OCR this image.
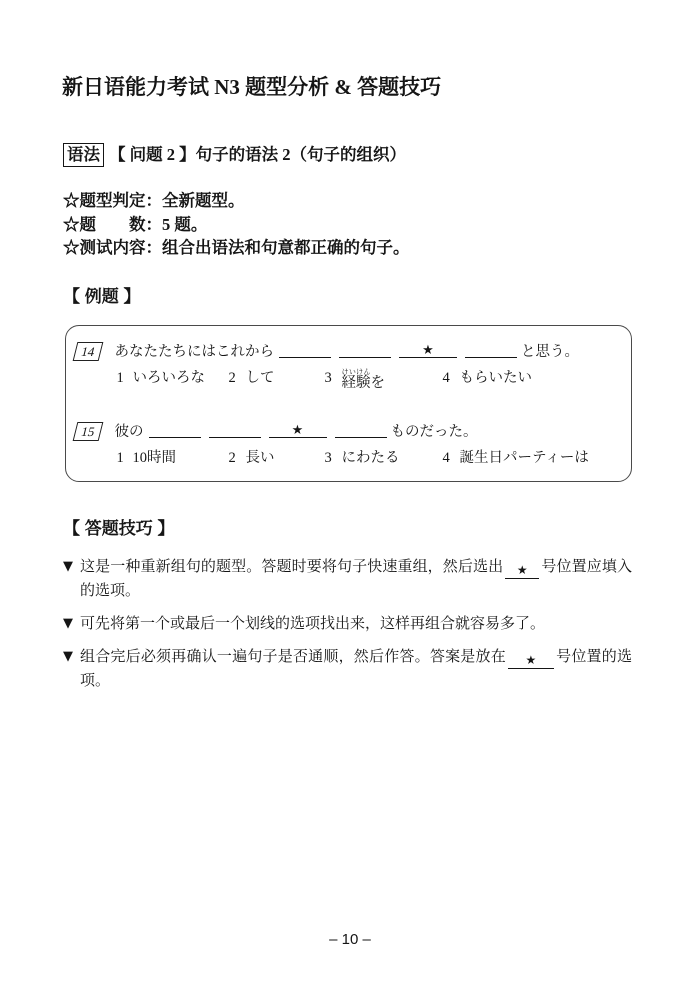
新日语能力考试 N3 题型分析 & 答题技巧
语法 【 问题 2 】句子的语法 2（句子的组织）
☆题型判定：全新题型。
☆题　　数：5 题。
☆测试内容：组合出语法和句意都正确的句子。
【 例题 】
14	あなたたちにはこれから	★	と思う。
1 いろいろな 2 して	3 経験けいけんを	4 もらいたい
15	彼の	★	ものだった。
1 10時間	2 長い	3 にわたる	4 誕生日パーティーは
【 答题技巧 】
▼ 这是一种重新组句的题型。答题时要将句子快速重组，然后选出 ★ 号位置应填入的选项。
▼ 可先将第一个或最后一个划线的选项找出来，这样再组合就容易多了。
▼ 组合完后必须再确认一遍句子是否通顺，然后作答。答案是放在 ★ 号位置的选项。
– 10 –
